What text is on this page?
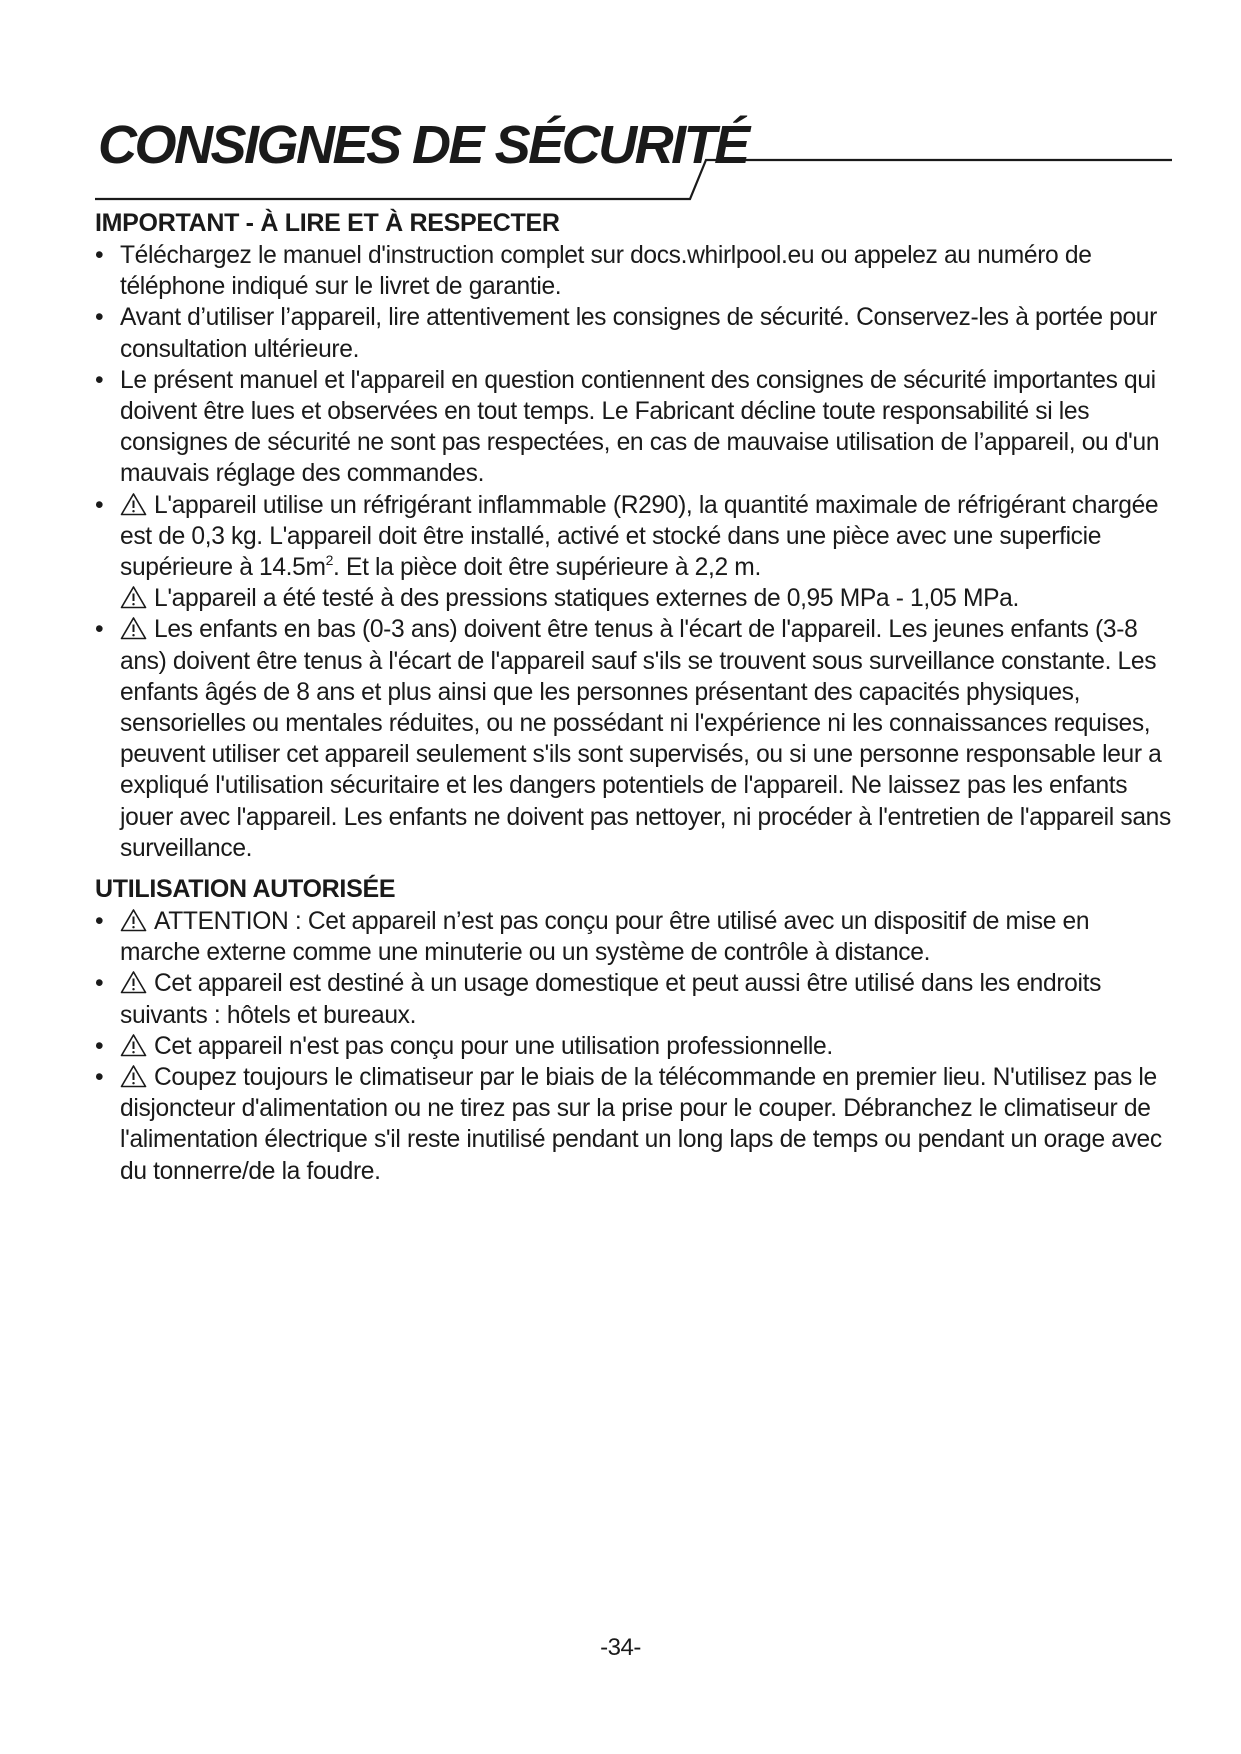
CONSIGNES DE SÉCURITÉ
IMPORTANT - À LIRE ET À RESPECTER
• Téléchargez le manuel d'instruction complet sur docs.whirlpool.eu ou appelez au numéro de téléphone indiqué sur le livret de garantie.
• Avant d’utiliser l’appareil, lire attentivement les consignes de sécurité. Conservez-les à portée pour consultation ultérieure.
• Le présent manuel et l'appareil en question contiennent des consignes de sécurité importantes qui doivent être lues et observées en tout temps. Le Fabricant décline toute responsabilité si les consignes de sécurité ne sont pas respectées, en cas de mauvaise utilisation de l’appareil, ou d'un mauvais réglage des commandes.
•	L'appareil utilise un réfrigérant inflammable (R290), la quantité maximale de réfrigérant chargée est de 0,3 kg. L'appareil doit être installé, activé et stocké dans une pièce avec une superficie supérieure à $14.5m^2$. Et la pièce doit être supérieure à 2,2 m.
L'appareil a été testé à des pressions statiques externes de 0,95 MPa - 1,05 MPa.
•	Les enfants en bas (0-3 ans) doivent être tenus à l'écart de l'appareil. Les jeunes enfants (3-8 ans) doivent être tenus à l'écart de l'appareil sauf s'ils se trouvent sous surveillance constante. Les enfants âgés de 8 ans et plus ainsi que les personnes présentant des capacités physiques, sensorielles ou mentales réduites, ou ne possédant ni l'expérience ni les connaissances requises, peuvent utiliser cet appareil seulement s'ils sont supervisés, ou si une personne responsable leur a expliqué l'utilisation sécuritaire et les dangers potentiels de l'appareil. Ne laissez pas les enfants jouer avec l'appareil. Les enfants ne doivent pas nettoyer, ni procéder à l'entretien de l'appareil sans surveillance.
UTILISATION AUTORISÉE
•	ATTENTION : Cet appareil n’est pas conçu pour être utilisé avec un dispositif de mise en marche externe comme une minuterie ou un système de contrôle à distance.
•	Cet appareil est destiné à un usage domestique et peut aussi être utilisé dans les endroits suivants : hôtels et bureaux.
•	Cet appareil n'est pas conçu pour une utilisation professionnelle.
•	Coupez toujours le climatiseur par le biais de la télécommande en premier lieu. N'utilisez pas le disjoncteur d'alimentation ou ne tirez pas sur la prise pour le couper. Débranchez le climatiseur de l'alimentation électrique s'il reste inutilisé pendant un long laps de temps ou pendant un orage avec du tonnerre/de la foudre.
-34-
